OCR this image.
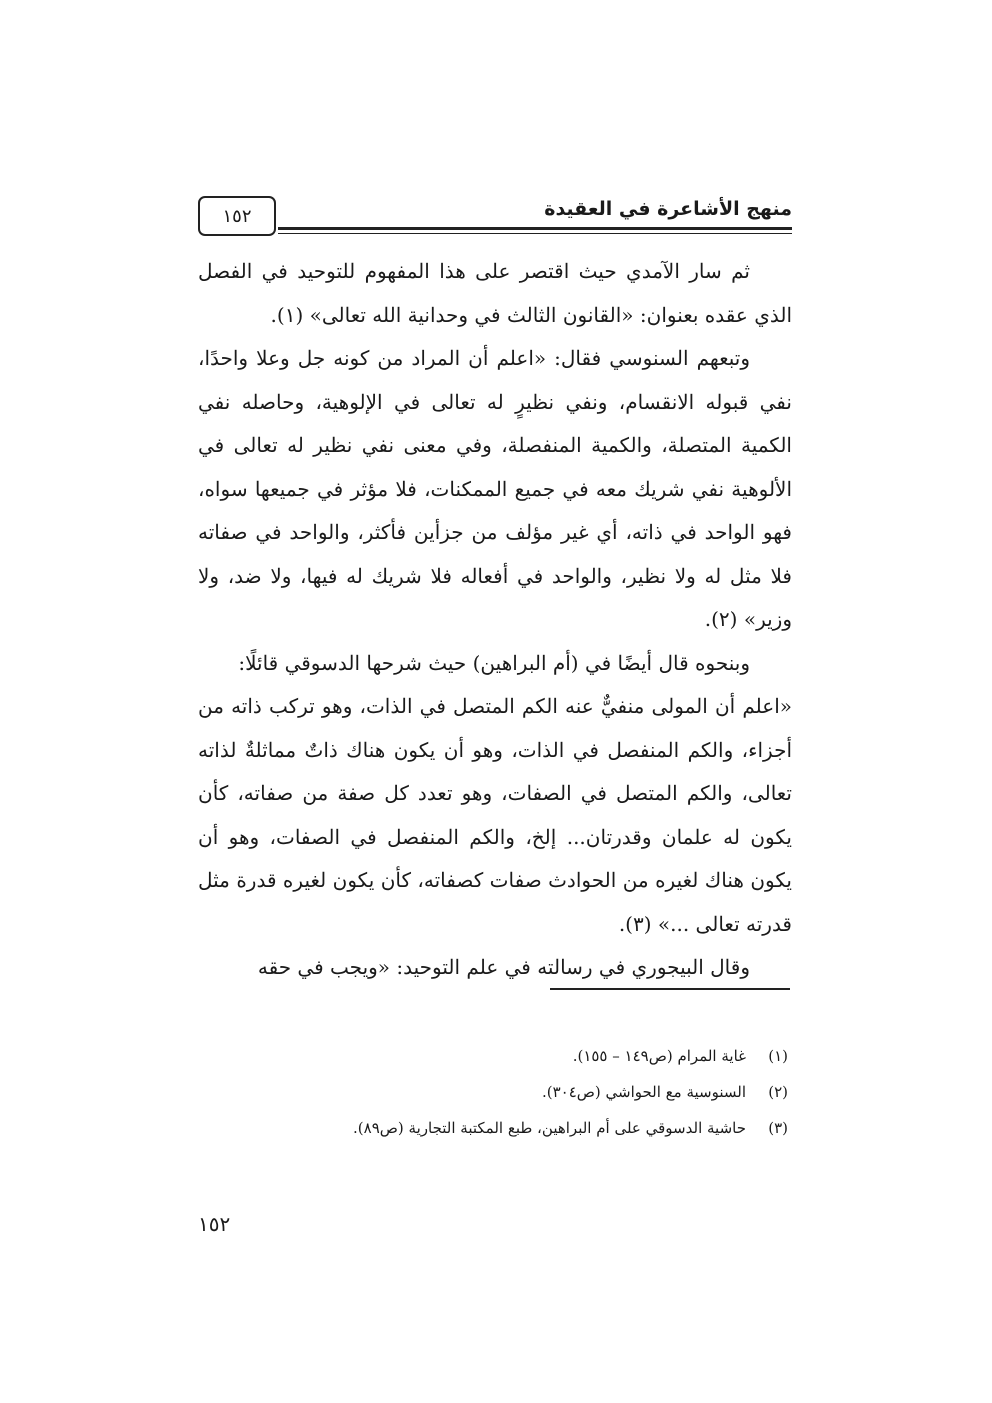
١٥٢	منهج الأشاعرة في العقيدة

ثم سار الآمدي حيث اقتصر على هذا المفهوم للتوحيد في الفصل الذي عقده بعنوان: «القانون الثالث في وحدانية الله تعالى» (١).

وتبعهم السنوسي فقال: «اعلم أن المراد من كونه جل وعلا واحدًا، نفي قبوله الانقسام، ونفي نظيرٍ له تعالى في الإلوهية، وحاصله نفي الكمية المتصلة، والكمية المنفصلة، وفي معنى نفي نظير له تعالى في الألوهية نفي شريك معه في جميع الممكنات، فلا مؤثر في جميعها سواه، فهو الواحد في ذاته، أي غير مؤلف من جزأين فأكثر، والواحد في صفاته فلا مثل له ولا نظير، والواحد في أفعاله فلا شريك له فيها، ولا ضد، ولا وزير» (٢).

وبنحوه قال أيضًا في (أم البراهين) حيث شرحها الدسوقي قائلًا:

«اعلم أن المولى منفيٌّ عنه الكم المتصل في الذات، وهو تركب ذاته من أجزاء، والكم المنفصل في الذات، وهو أن يكون هناك ذاتٌ مماثلةٌ لذاته تعالى، والكم المتصل في الصفات، وهو تعدد كل صفة من صفاته، كأن يكون له علمان وقدرتان... إلخ، والكم المنفصل في الصفات، وهو أن يكون هناك لغيره من الحوادث صفات كصفاته، كأن يكون لغيره قدرة مثل قدرته تعالى ...» (٣).

وقال البيجوري في رسالته في علم التوحيد: «ويجب في حقه

(١)غاية المرام (ص١٤٩ – ١٥٥).
(٢)السنوسية مع الحواشي (ص٣٠٤).
(٣)حاشية الدسوقي على أم البراهين، طبع المكتبة التجارية (ص٨٩).
١٥٢
